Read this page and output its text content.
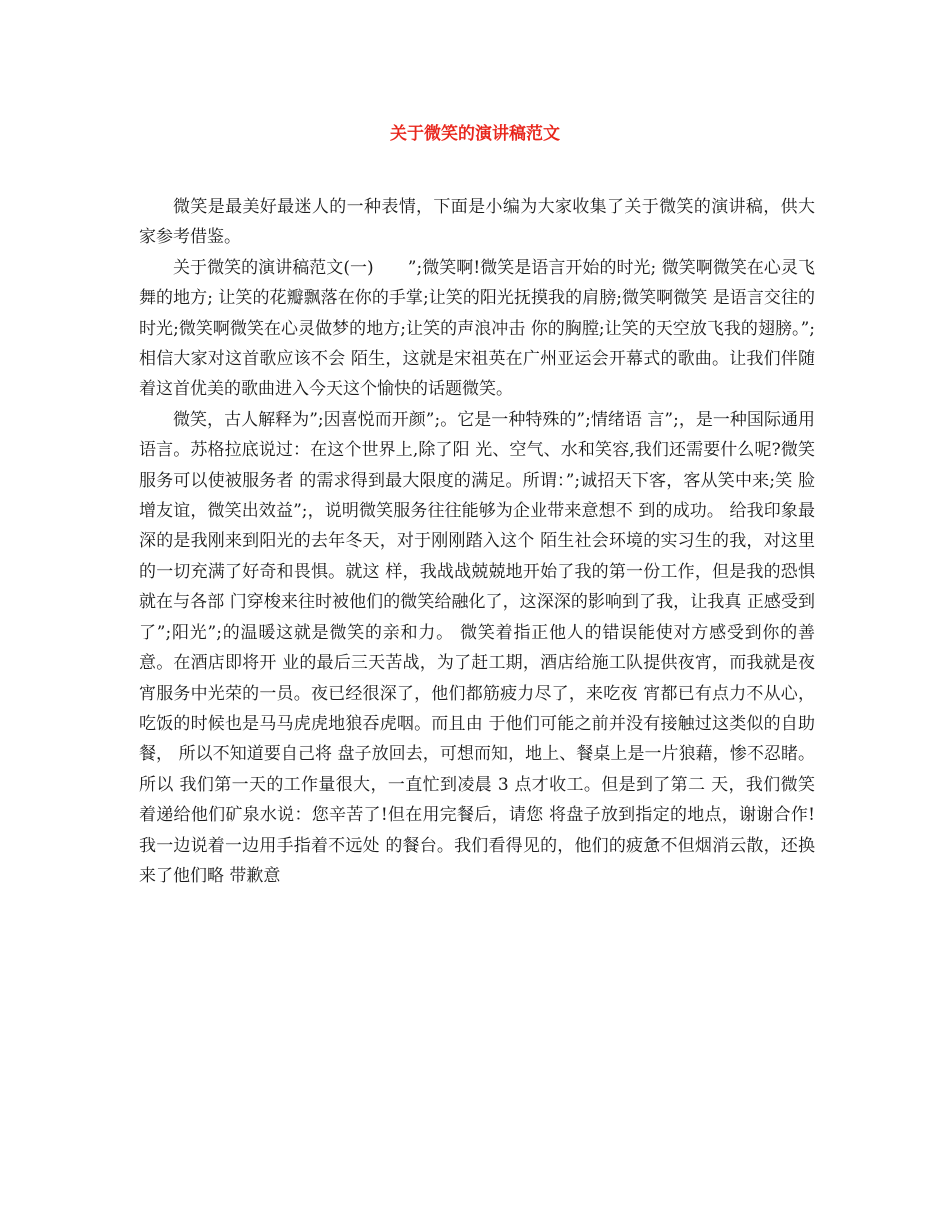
关于微笑的演讲稿范文

微笑是最美好最迷人的一种表情，下面是小编为大家收集了关于微笑的演讲稿，供大家参考借鉴。

关于微笑的演讲稿范文(一)　　”;微笑啊!微笑是语言开始的时光; 微笑啊微笑在心灵飞舞的地方; 让笑的花瓣飘落在你的手掌;让笑的阳光抚摸我的肩膀;微笑啊微笑 是语言交往的时光;微笑啊微笑在心灵做梦的地方;让笑的声浪冲击 你的胸膛;让笑的天空放飞我的翅膀。”;相信大家对这首歌应该不会 陌生，这就是宋祖英在广州亚运会开幕式的歌曲。让我们伴随着这首优美的歌曲进入今天这个愉快的话题微笑。

微笑，古人解释为”;因喜悦而开颜”;。它是一种特殊的”;情绪语 言”;，是一种国际通用语言。苏格拉底说过：在这个世界上,除了阳 光、空气、水和笑容,我们还需要什么呢?微笑服务可以使被服务者 的需求得到最大限度的满足。所谓：”;诚招天下客，客从笑中来;笑 脸增友谊，微笑出效益”;，说明微笑服务往往能够为企业带来意想不 到的成功。 给我印象最深的是我刚来到阳光的去年冬天，对于刚刚踏入这个 陌生社会环境的实习生的我，对这里的一切充满了好奇和畏惧。就这 样，我战战兢兢地开始了我的第一份工作，但是我的恐惧就在与各部 门穿梭来往时被他们的微笑给融化了，这深深的影响到了我，让我真 正感受到了”;阳光”;的温暖这就是微笑的亲和力。 微笑着指正他人的错误能使对方感受到你的善意。在酒店即将开 业的最后三天苦战，为了赶工期，酒店给施工队提供夜宵，而我就是夜宵服务中光荣的一员。夜已经很深了，他们都筋疲力尽了，来吃夜 宵都已有点力不从心，吃饭的时候也是马马虎虎地狼吞虎咽。而且由 于他们可能之前并没有接触过这类似的自助餐， 所以不知道要自己将 盘子放回去，可想而知，地上、餐桌上是一片狼藉，惨不忍睹。所以 我们第一天的工作量很大，一直忙到凌晨 3 点才收工。但是到了第二 天，我们微笑着递给他们矿泉水说：您辛苦了!但在用完餐后，请您 将盘子放到指定的地点，谢谢合作!我一边说着一边用手指着不远处 的餐台。我们看得见的，他们的疲惫不但烟消云散，还换来了他们略 带歉意
